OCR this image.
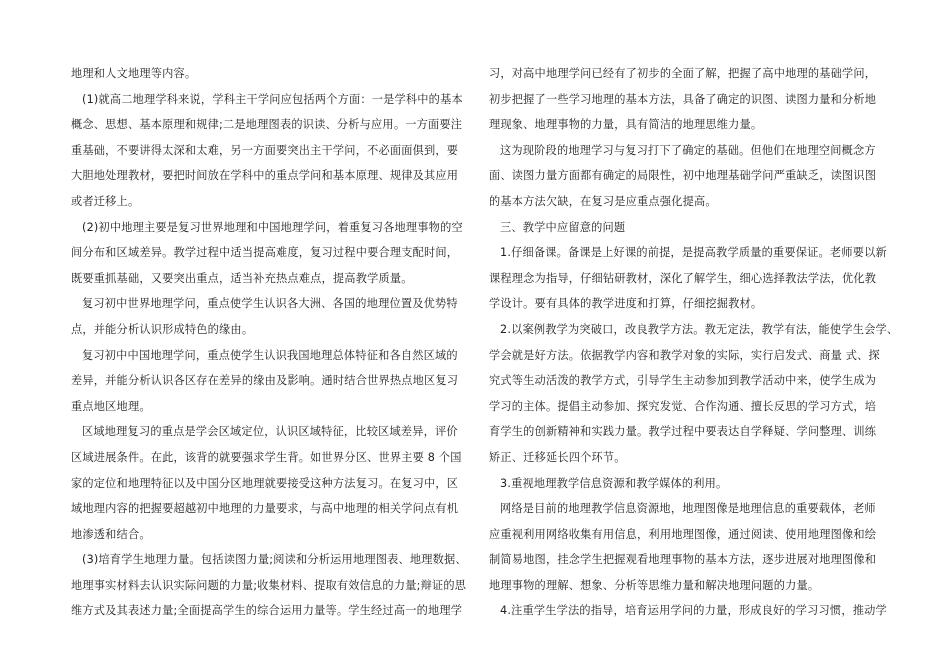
地理和人文地理等内容。
(1)就高二地理学科来说，学科主干学问应包括两个方面：一是学科中的基本
概念、思想、基本原理和规律;二是地理图表的识读、分析与应用。一方面要注
重基础，不要讲得太深和太难，另一方面要突出主干学问，不必面面俱到，要
大胆地处理教材，要把时间放在学科中的重点学问和基本原理、规律及其应用
或者迁移上。
(2)初中地理主要是复习世界地理和中国地理学问，着重复习各地理事物的空
间分布和区域差异。教学过程中适当提高难度，复习过程中要合理支配时间，
既要重抓基础，又要突出重点，适当补充热点难点，提高教学质量。
复习初中世界地理学问，重点使学生认识各大洲、各国的地理位置及优势特
点，并能分析认识形成特色的缘由。
复习初中中国地理学问，重点使学生认识我国地理总体特征和各自然区域的
差异，并能分析认识各区存在差异的缘由及影响。通时结合世界热点地区复习
重点地区地理。
区域地理复习的重点是学会区域定位，认识区域特征，比较区域差异，评价
区域进展条件。在此，该背的就要强求学生背。如世界分区、世界主要 8 个国
家的定位和地理特征以及中国分区地理就要接受这种方法复习。在复习中，区
域地理内容的把握要超越初中地理的力量要求，与高中地理的相关学问点有机
地渗透和结合。
(3)培育学生地理力量。包括读图力量;阅读和分析运用地理图表、地理数据、
地理事实材料去认识实际问题的力量;收集材料、提取有效信息的力量;辩证的思
维方式及其表述力量;全面提高学生的综合运用力量等。学生经过高一的地理学
习，对高中地理学问已经有了初步的全面了解，把握了高中地理的基础学问，
初步把握了一些学习地理的基本方法，具备了确定的识图、读图力量和分析地
理现象、地理事物的力量，具有简洁的地理思维力量。
这为现阶段的地理学习与复习打下了确定的基础。但他们在地理空间概念方
面、读图力量方面都有确定的局限性，初中地理基础学问严重缺乏，读图识图
的基本方法欠缺，在复习是应重点强化提高。
三、教学中应留意的问题
1.仔细备课。备课是上好课的前提，是提高教学质量的重要保证。老师要以新
课程理念为指导，仔细钻研教材，深化了解学生，细心选择教法学法，优化教
学设计。要有具体的教学进度和打算，仔细挖掘教材。
2.以案例教学为突破口，改良教学方法。教无定法，教学有法，能使学生会学、
学会就是好方法。依据教学内容和教学对象的实际，实行启发式、商量 式、探
究式等生动活泼的教学方式，引导学生主动参加到教学活动中来，使学生成为
学习的主体。提倡主动参加、探究发觉、合作沟通、擅长反思的学习方式，培
育学生的创新精神和实践力量。教学过程中要表达自学释疑、学问整理、训练
矫正、迁移延长四个环节。
3.重视地理教学信息资源和教学媒体的利用。
网络是目前的地理教学信息资源地，地理图像是地理信息的重要载体，老师
应重视利用网络收集有用信息，利用地理图像，通过阅读、使用地理图像和绘
制简易地图，挂念学生把握观看地理事物的基本方法，逐步进展对地理图像和
地理事物的理解、想象、分析等思维力量和解决地理问题的力量。
4.注重学生学法的指导，培育运用学问的力量，形成良好的学习习惯，推动学
